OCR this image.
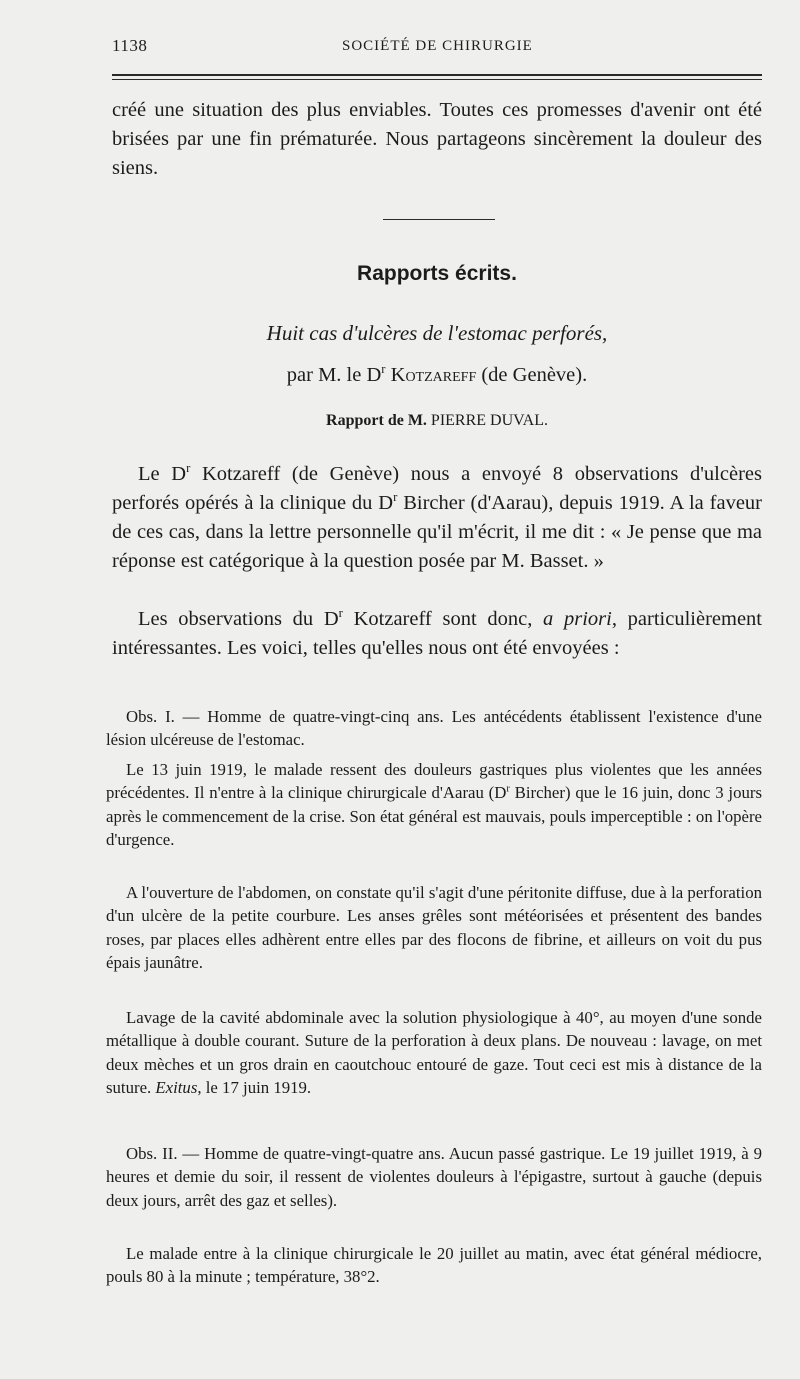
1138	SOCIÉTÉ DE CHIRURGIE

créé une situation des plus enviables. Toutes ces promesses d'avenir ont été brisées par une fin prématurée. Nous partageons sincèrement la douleur des siens.

Rapports écrits.
Huit cas d'ulcères de l'estomac perforés,
par M. le $D^r$ Kotzareff (de Genève).
Rapport de M. PIERRE DUVAL.

Le $D^r$ Kotzareff (de Genève) nous a envoyé 8 observations d'ulcères perforés opérés à la clinique du $D^r$ Bircher (d'Aarau), depuis 1919. A la faveur de ces cas, dans la lettre personnelle qu'il m'écrit, il me dit : « Je pense que ma réponse est catégorique à la question posée par M. Basset. »

Les observations du $D^r$ Kotzareff sont donc, a priori, particulièrement intéressantes. Les voici, telles qu'elles nous ont été envoyées :

Obs. I. — Homme de quatre-vingt-cinq ans. Les antécédents établissent l'existence d'une lésion ulcéreuse de l'estomac.

Le 13 juin 1919, le malade ressent des douleurs gastriques plus violentes que les années précédentes. Il n'entre à la clinique chirurgicale d'Aarau ($D^r$ Bircher) que le 16 juin, donc 3 jours après le commencement de la crise. Son état général est mauvais, pouls imperceptible : on l'opère d'urgence.

A l'ouverture de l'abdomen, on constate qu'il s'agit d'une péritonite diffuse, due à la perforation d'un ulcère de la petite courbure. Les anses grêles sont météorisées et présentent des bandes roses, par places elles adhèrent entre elles par des flocons de fibrine, et ailleurs on voit du pus épais jaunâtre.

Lavage de la cavité abdominale avec la solution physiologique à 40°, au moyen d'une sonde métallique à double courant. Suture de la perforation à deux plans. De nouveau : lavage, on met deux mèches et un gros drain en caoutchouc entouré de gaze. Tout ceci est mis à distance de la suture. Exitus, le 17 juin 1919.

Obs. II. — Homme de quatre-vingt-quatre ans. Aucun passé gastrique. Le 19 juillet 1919, à 9 heures et demie du soir, il ressent de violentes douleurs à l'épigastre, surtout à gauche (depuis deux jours, arrêt des gaz et selles).

Le malade entre à la clinique chirurgicale le 20 juillet au matin, avec état général médiocre, pouls 80 à la minute ; température, 38°2.
